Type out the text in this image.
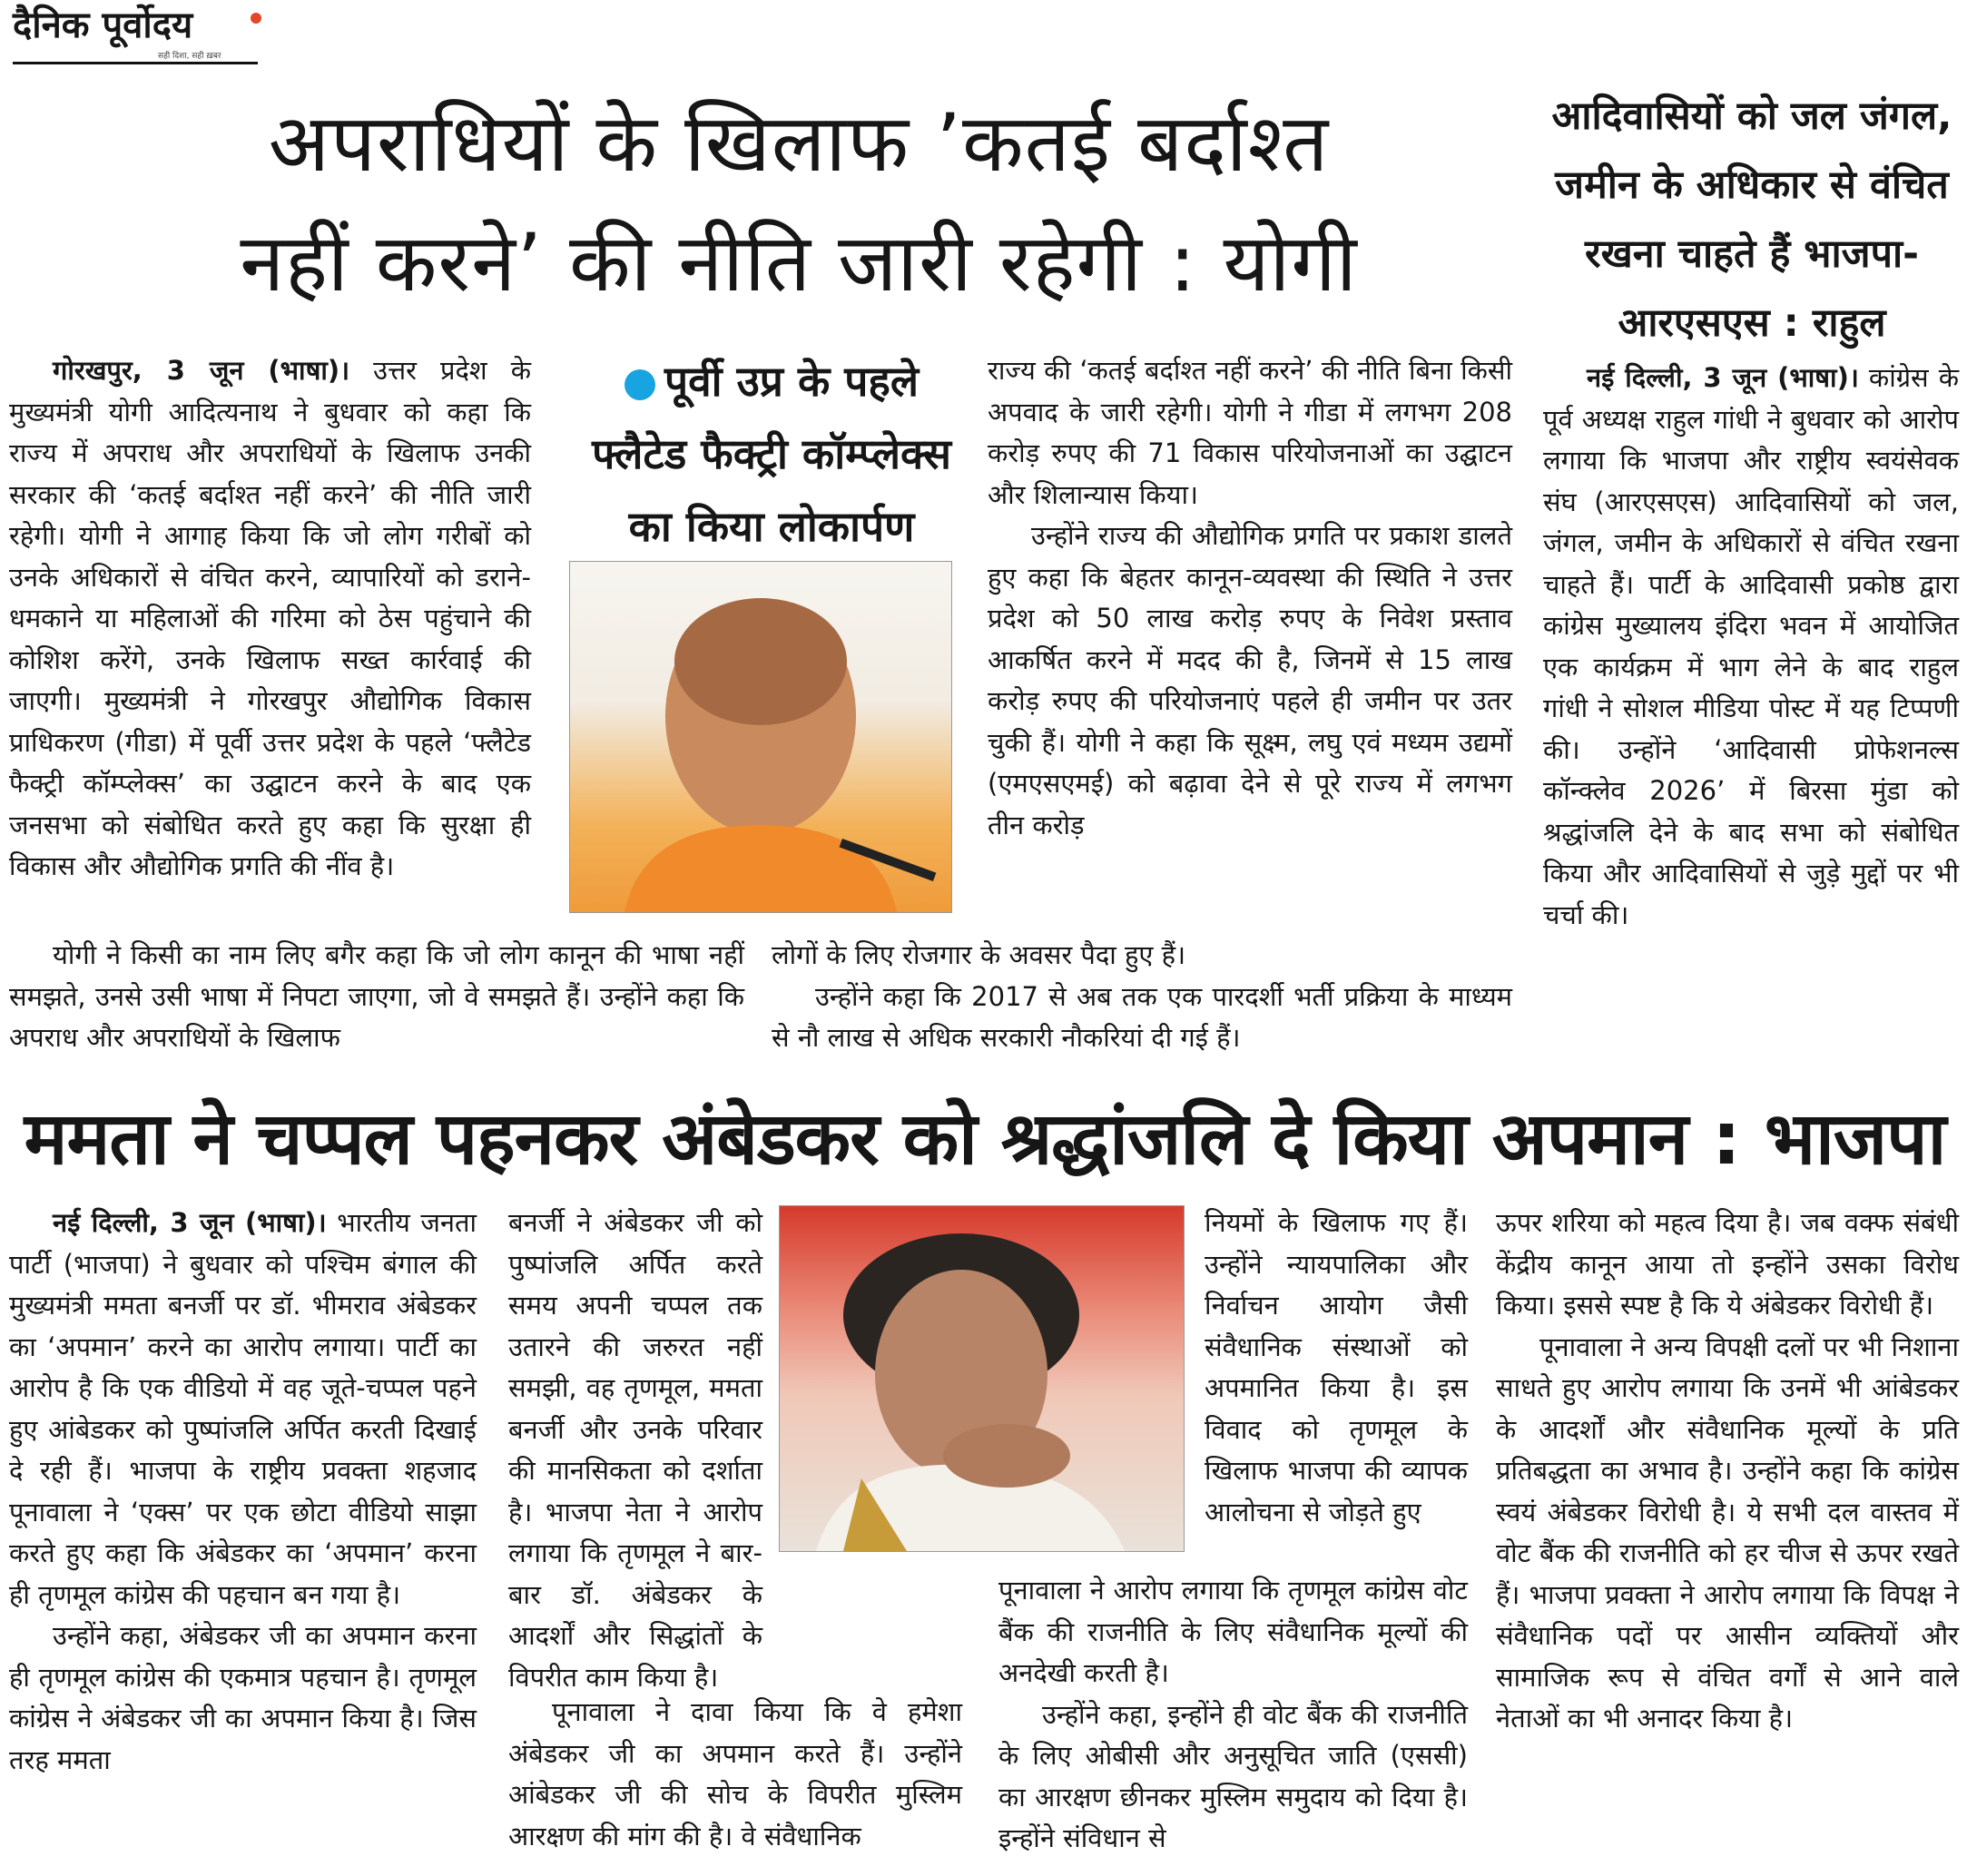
दैनिक पूर्वोदय
सही दिशा, सही ख़बर
अपराधियों के खिलाफ ’कतई बर्दाश्त
नहीं करने’ की नीति जारी रहेगी : योगी
आदिवासियों को जल जंगल, जमीन के अधिकार से वंचित रखना चाहते हैं भाजपा-आरएसएस : राहुल

गोरखपुर, 3 जून (भाषा)। उत्तर प्रदेश के मुख्यमंत्री योगी आदित्यनाथ ने बुधवार को कहा कि राज्य में अपराध और अपराधियों के खिलाफ उनकी सरकार की ‘कतई बर्दाश्त नहीं करने’ की नीति जारी रहेगी। योगी ने आगाह किया कि जो लोग गरीबों को उनके अधिकारों से वंचित करने, व्यापारियों को डराने-धमकाने या महिलाओं की गरिमा को ठेस पहुंचाने की कोशिश करेंगे, उनके खिलाफ सख्त कार्रवाई की जाएगी। मुख्यमंत्री ने गोरखपुर औद्योगिक विकास प्राधिकरण (गीडा) में पूर्वी उत्तर प्रदेश के पहले ‘फ्लैटेड फैक्ट्री कॉम्प्लेक्स’ का उद्घाटन करने के बाद एक जनसभा को संबोधित करते हुए कहा कि सुरक्षा ही विकास और औद्योगिक प्रगति की नींव है।

पूर्वी उप्र के पहले फ्लैटेड फैक्ट्री कॉम्प्लेक्स का किया लोकार्पण

राज्य की ‘कतई बर्दाश्त नहीं करने’ की नीति बिना किसी अपवाद के जारी रहेगी। योगी ने गीडा में लगभग 208 करोड़ रुपए की 71 विकास परियोजनाओं का उद्घाटन और शिलान्यास किया।

उन्होंने राज्य की औद्योगिक प्रगति पर प्रकाश डालते हुए कहा कि बेहतर कानून-व्यवस्था की स्थिति ने उत्तर प्रदेश को 50 लाख करोड़ रुपए के निवेश प्रस्ताव आकर्षित करने में मदद की है, जिनमें से 15 लाख करोड़ रुपए की परियोजनाएं पहले ही जमीन पर उतर चुकी हैं। योगी ने कहा कि सूक्ष्म, लघु एवं मध्यम उद्यमों (एमएसएमई) को बढ़ावा देने से पूरे राज्य में लगभग तीन करोड़

योगी ने किसी का नाम लिए बगैर कहा कि जो लोग कानून की भाषा नहीं समझते, उनसे उसी भाषा में निपटा जाएगा, जो वे समझते हैं। उन्होंने कहा कि अपराध और अपराधियों के खिलाफ

लोगों के लिए रोजगार के अवसर पैदा हुए हैं।

उन्होंने कहा कि 2017 से अब तक एक पारदर्शी भर्ती प्रक्रिया के माध्यम से नौ लाख से अधिक सरकारी नौकरियां दी गई हैं।

नई दिल्ली, 3 जून (भाषा)। कांग्रेस के पूर्व अध्यक्ष राहुल गांधी ने बुधवार को आरोप लगाया कि भाजपा और राष्ट्रीय स्वयंसेवक संघ (आरएसएस) आदिवासियों को जल, जंगल, जमीन के अधिकारों से वंचित रखना चाहते हैं। पार्टी के आदिवासी प्रकोष्ठ द्वारा कांग्रेस मुख्यालय इंदिरा भवन में आयोजित एक कार्यक्रम में भाग लेने के बाद राहुल गांधी ने सोशल मीडिया पोस्ट में यह टिप्पणी की। उन्होंने ‘आदिवासी प्रोफेशनल्स कॉन्क्लेव 2026’ में बिरसा मुंडा को श्रद्धांजलि देने के बाद सभा को संबोधित किया और आदिवासियों से जुड़े मुद्दों पर भी चर्चा की।

ममता ने चप्पल पहनकर अंबेडकर को श्रद्धांजलि दे किया अपमान : भाजपा

नई दिल्ली, 3 जून (भाषा)। भारतीय जनता पार्टी (भाजपा) ने बुधवार को पश्चिम बंगाल की मुख्यमंत्री ममता बनर्जी पर डॉ. भीमराव अंबेडकर का ‘अपमान’ करने का आरोप लगाया। पार्टी का आरोप है कि एक वीडियो में वह जूते-चप्पल पहने हुए आंबेडकर को पुष्पांजलि अर्पित करती दिखाई दे रही हैं। भाजपा के राष्ट्रीय प्रवक्ता शहजाद पूनावाला ने ‘एक्स’ पर एक छोटा वीडियो साझा करते हुए कहा कि अंबेडकर का ‘अपमान’ करना ही तृणमूल कांग्रेस की पहचान बन गया है।

उन्होंने कहा, अंबेडकर जी का अपमान करना ही तृणमूल कांग्रेस की एकमात्र पहचान है। तृणमूल कांग्रेस ने अंबेडकर जी का अपमान किया है। जिस तरह ममता

बनर्जी ने अंबेडकर जी को पुष्पांजलि अर्पित करते समय अपनी चप्पल तक उतारने की जरुरत नहीं समझी, वह तृणमूल, ममता बनर्जी और उनके परिवार की मानसिकता को दर्शाता है। भाजपा नेता ने आरोप लगाया कि तृणमूल ने बार-बार डॉ. अंबेडकर के आदर्शों और सिद्धांतों के विपरीत काम किया है।

पूनावाला ने दावा किया कि वे हमेशा अंबेडकर जी का अपमान करते हैं। उन्होंने आंबेडकर जी की सोच के विपरीत मुस्लिम आरक्षण की मांग की है। वे संवैधानिक

नियमों के खिलाफ गए हैं। उन्होंने न्यायपालिका और निर्वाचन आयोग जैसी संवैधानिक संस्थाओं को अपमानित किया है। इस विवाद को तृणमूल के खिलाफ भाजपा की व्यापक आलोचना से जोड़ते हुए

पूनावाला ने आरोप लगाया कि तृणमूल कांग्रेस वोट बैंक की राजनीति के लिए संवैधानिक मूल्यों की अनदेखी करती है।

उन्होंने कहा, इन्होंने ही वोट बैंक की राजनीति के लिए ओबीसी और अनुसूचित जाति (एससी) का आरक्षण छीनकर मुस्लिम समुदाय को दिया है। इन्होंने संविधान से

ऊपर शरिया को महत्व दिया है। जब वक्फ संबंधी केंद्रीय कानून आया तो इन्होंने उसका विरोध किया। इससे स्पष्ट है कि ये अंबेडकर विरोधी हैं।

पूनावाला ने अन्य विपक्षी दलों पर भी निशाना साधते हुए आरोप लगाया कि उनमें भी आंबेडकर के आदर्शों और संवैधानिक मूल्यों के प्रति प्रतिबद्धता का अभाव है। उन्होंने कहा कि कांग्रेस स्वयं अंबेडकर विरोधी है। ये सभी दल वास्तव में वोट बैंक की राजनीति को हर चीज से ऊपर रखते हैं। भाजपा प्रवक्ता ने आरोप लगाया कि विपक्ष ने संवैधानिक पदों पर आसीन व्यक्तियों और सामाजिक रूप से वंचित वर्गों से आने वाले नेताओं का भी अनादर किया है।
